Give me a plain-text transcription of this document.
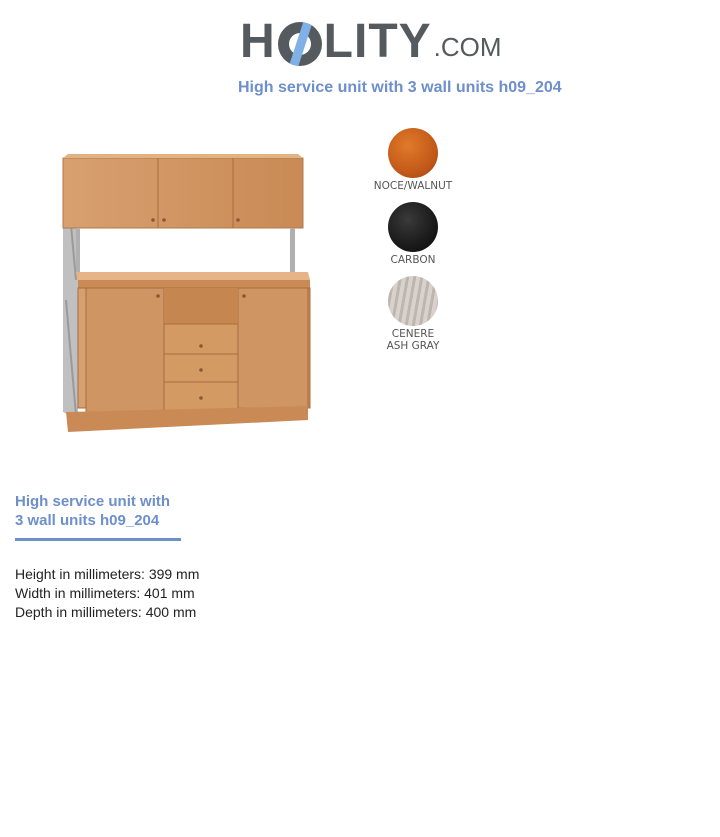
H LITY .COM
High service unit with 3 wall units h09_204
NOCE/WALNUT
CARBON
CENERE
ASH GRAY
High service unit with 3 wall units h09_204
Height in millimeters: 399 mm
Width in millimeters: 401 mm
Depth in millimeters: 400 mm
